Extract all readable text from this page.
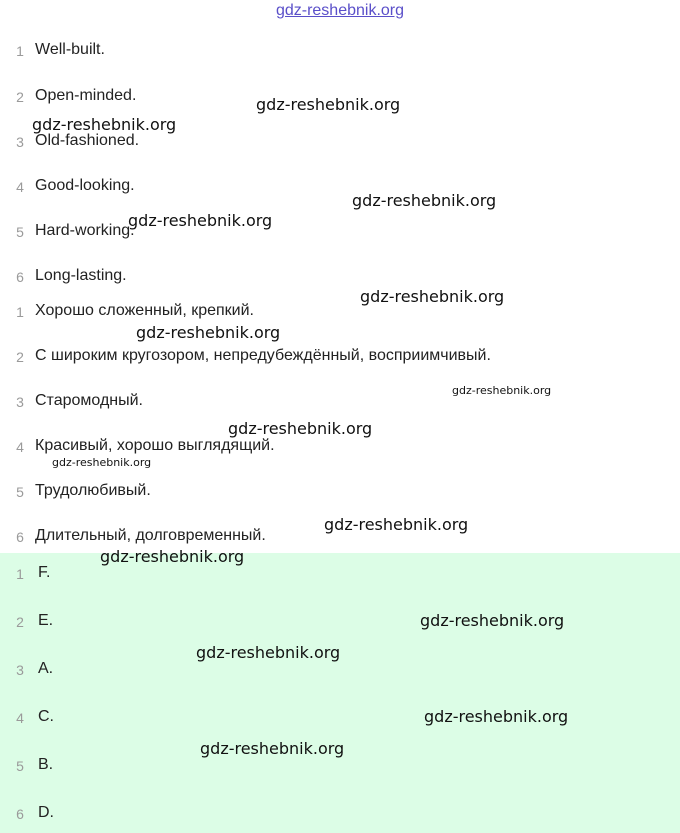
gdz-reshebnik.org
1 Well-built.
2 Open-minded.
3 Old-fashioned.
4 Good-looking.
5 Hard-working.
6 Long-lasting.
1 Хорошо сложенный, крепкий.
2 С широким кругозором, непредубеждённый, восприимчивый.
3 Старомодный.
4 Красивый, хорошо выглядящий.
5 Трудолюбивый.
6 Длительный, долговременный.
1 F.
2 E.
3 A.
4 C.
5 B.
6 D.
gdz-reshebnik.org
gdz-reshebnik.org
gdz-reshebnik.org
gdz-reshebnik.org
gdz-reshebnik.org
gdz-reshebnik.org
gdz-reshebnik.org
gdz-reshebnik.org
gdz-reshebnik.org
gdz-reshebnik.org
gdz-reshebnik.org
gdz-reshebnik.org
gdz-reshebnik.org
gdz-reshebnik.org
gdz-reshebnik.org
